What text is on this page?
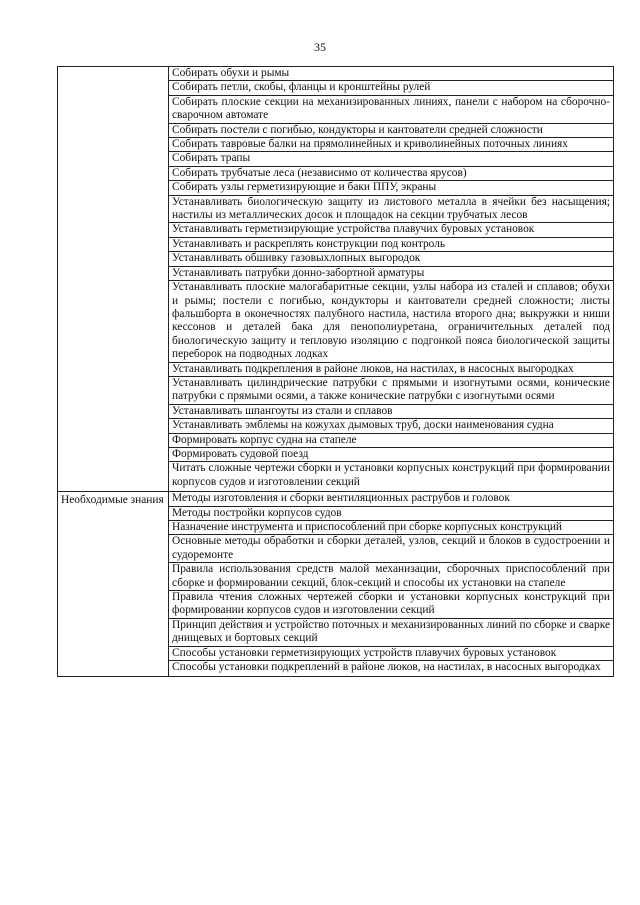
35
	Собирать обухи и рымы
	Собирать петли, скобы, фланцы и кронштейны рулей
	Собирать плоские секции на механизированных линиях, панели с набором на сборочно-сварочном автомате
	Собирать постели с погибью, кондукторы и кантователи средней сложности
	Собирать тавровые балки на прямолинейных и криволинейных поточных линиях
	Собирать трапы
	Собирать трубчатые леса (независимо от количества ярусов)
	Собирать узлы герметизирующие и баки ППУ, экраны
	Устанавливать биологическую защиту из листового металла в ячейки без насыщения; настилы из металлических досок и площадок на секции трубчатых лесов
	Устанавливать герметизирующие устройства плавучих буровых установок
	Устанавливать и раскреплять конструкции под контроль
	Устанавливать обшивку газовыхлопных выгородок
	Устанавливать патрубки донно-забортной арматуры
	Устанавливать плоские малогабаритные секции, узлы набора из сталей и сплавов; обухи и рымы; постели с погибью, кондукторы и кантователи средней сложности; листы фальшборта в оконечностях палубного настила, настила второго дна; выкружки и ниши кессонов и деталей бака для пенополиуретана, ограничительных деталей под биологическую защиту и тепловую изоляцию с подгонкой пояса биологической защиты переборок на подводных лодках
	Устанавливать подкрепления в районе люков, на настилах, в насосных выгородках
	Устанавливать цилиндрические патрубки с прямыми и изогнутыми осями, конические патрубки с прямыми осями, а также конические патрубки с изогнутыми осями
	Устанавливать шпангоуты из стали и сплавов
	Устанавливать эмблемы на кожухах дымовых труб, доски наименования судна
	Формировать корпус судна на стапеле
	Формировать судовой поезд
	Читать сложные чертежи сборки и установки корпусных конструкций при формировании корпусов судов и изготовлении секций
Необходимые знания	Методы изготовления и сборки вентиляционных раструбов и головок
	Методы постройки корпусов судов
	Назначение инструмента и приспособлений при сборке корпусных конструкций
	Основные методы обработки и сборки деталей, узлов, секций и блоков в судостроении и судоремонте
	Правила использования средств малой механизации, сборочных приспособлений при сборке и формировании секций, блок-секций и способы их установки на стапеле
	Правила чтения сложных чертежей сборки и установки корпусных конструкций при формировании корпусов судов и изготовлении секций
	Принцип действия и устройство поточных и механизированных линий по сборке и сварке днищевых и бортовых секций
	Способы установки герметизирующих устройств плавучих буровых установок
	Способы установки подкреплений в районе люков, на настилах, в насосных выгородках
